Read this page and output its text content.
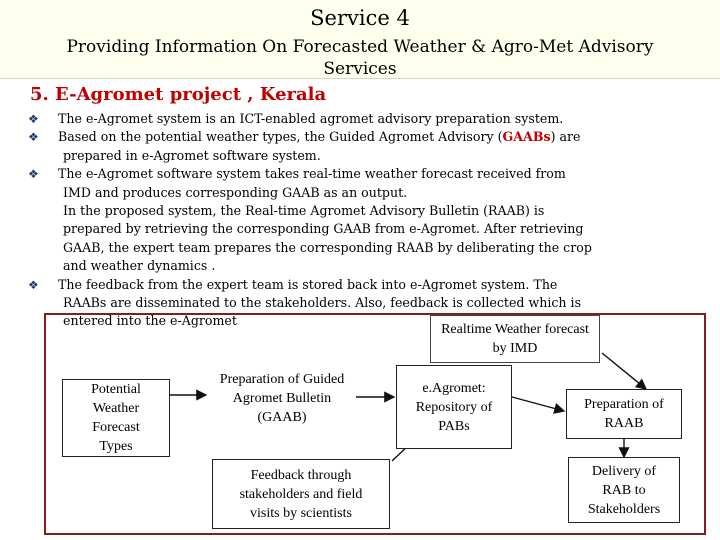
Service 4
Providing Information On Forecasted Weather & Agro-Met Advisory Services
5. E-Agromet project , Kerala
❖ The e-Agromet system is an ICT-enabled agromet advisory preparation system.
❖ Based on the potential weather types, the Guided Agromet Advisory (GAABs) are
prepared in e-Agromet software system.
❖ The e-Agromet software system takes real-time weather forecast received from
IMD and produces corresponding GAAB as an output.
In the proposed system, the Real-time Agromet Advisory Bulletin (RAAB) is
prepared by retrieving the corresponding GAAB from e-Agromet. After retrieving
GAAB, the expert team prepares the corresponding RAAB by deliberating the crop
and weather dynamics .
❖ The feedback from the expert team is stored back into e-Agromet system. The
RAABs are disseminated to the stakeholders. Also, feedback is collected which is
entered into the e-Agromet
Realtime Weather forecast by IMD
Potential Weather Forecast Types
Preparation of Guided Agromet Bulletin (GAAB)
e.Agromet: Repository of PABs
Preparation of RAAB
Feedback through stakeholders and field visits by scientists
Delivery of RAB to Stakeholders
